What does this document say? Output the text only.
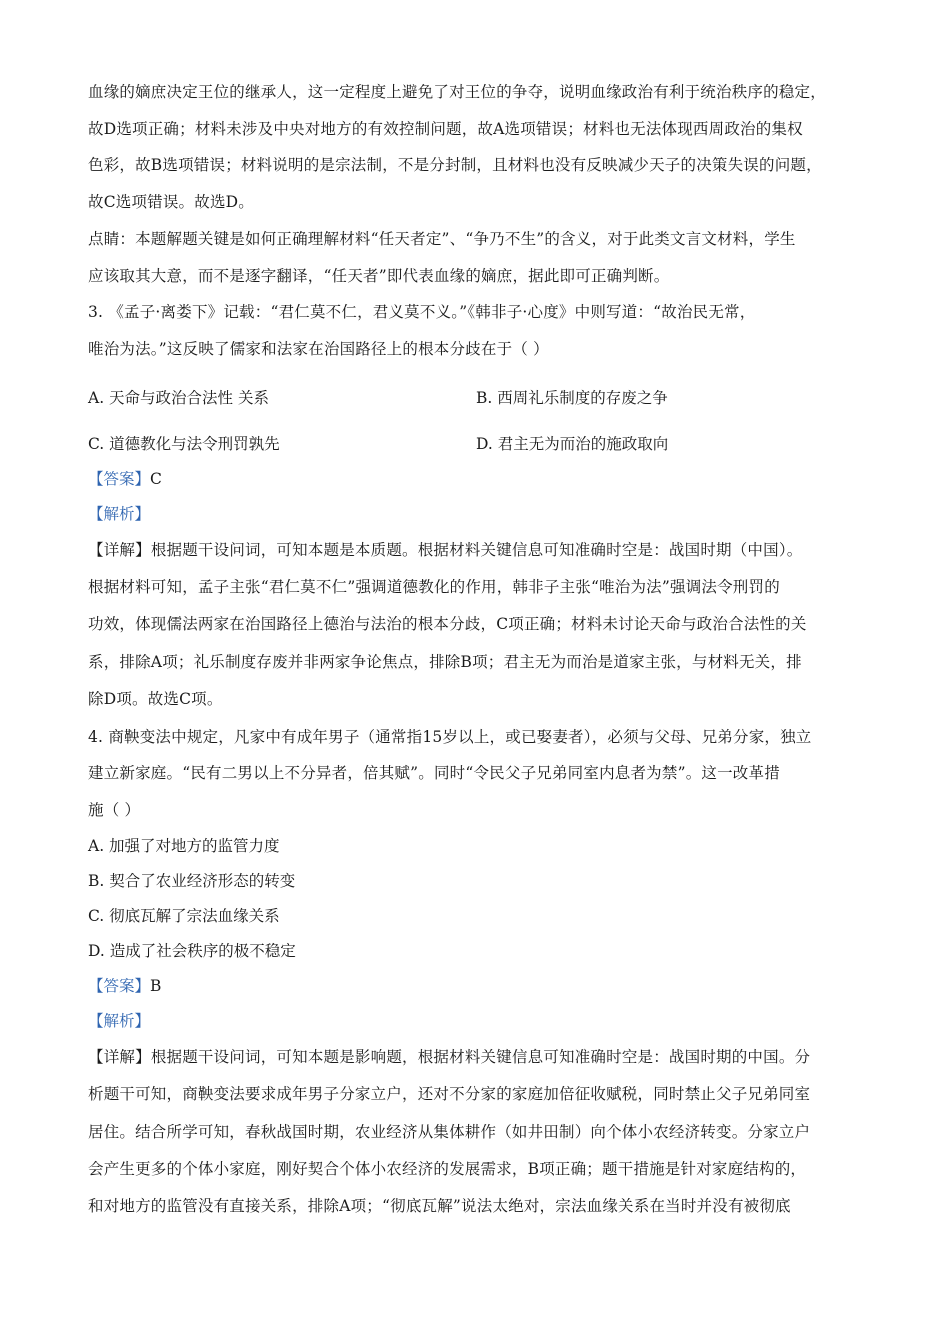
血缘的嫡庶决定王位的继承人，这一定程度上避免了对王位的争夺，说明血缘政治有利于统治秩序的稳定，
故D选项正确；材料未涉及中央对地方的有效控制问题，故A选项错误；材料也无法体现西周政治的集权
色彩，故B选项错误；材料说明的是宗法制，不是分封制，且材料也没有反映减少天子的决策失误的问题，
故C选项错误。故选D。
点睛：本题解题关键是如何正确理解材料“任天者定”、“争乃不生”的含义，对于此类文言文材料，学生
应该取其大意，而不是逐字翻译，“任天者”即代表血缘的嫡庶，据此即可正确判断。
3. 《孟子·离娄下》记载：“君仁莫不仁，君义莫不义。”《韩非子·心度》中则写道：“故治民无常，
唯治为法。”这反映了儒家和法家在治国路径上的根本分歧在于（ ）
A. 天命与政治合法性 关系	B. 西周礼乐制度的存废之争
C. 道德教化与法令刑罚孰先	D. 君主无为而治的施政取向
【答案】C
【解析】
【详解】根据题干设问词，可知本题是本质题。根据材料关键信息可知准确时空是：战国时期（中国）。
根据材料可知，孟子主张“君仁莫不仁”强调道德教化的作用，韩非子主张“唯治为法”强调法令刑罚的
功效，体现儒法两家在治国路径上德治与法治的根本分歧，C项正确；材料未讨论天命与政治合法性的关
系，排除A项；礼乐制度存废并非两家争论焦点，排除B项；君主无为而治是道家主张，与材料无关，排
除D项。故选C项。
4. 商鞅变法中规定，凡家中有成年男子（通常指15岁以上，或已娶妻者），必须与父母、兄弟分家，独立
建立新家庭。“民有二男以上不分异者，倍其赋”。同时“令民父子兄弟同室内息者为禁”。这一改革措
施（ ）
A. 加强了对地方的监管力度
B. 契合了农业经济形态的转变
C. 彻底瓦解了宗法血缘关系
D. 造成了社会秩序的极不稳定
【答案】B
【解析】
【详解】根据题干设问词，可知本题是影响题，根据材料关键信息可知准确时空是：战国时期的中国。分
析题干可知，商鞅变法要求成年男子分家立户，还对不分家的家庭加倍征收赋税，同时禁止父子兄弟同室
居住。结合所学可知，春秋战国时期，农业经济从集体耕作（如井田制）向个体小农经济转变。分家立户
会产生更多的个体小家庭，刚好契合个体小农经济的发展需求，B项正确；题干措施是针对家庭结构的，
和对地方的监管没有直接关系，排除A项；“彻底瓦解”说法太绝对，宗法血缘关系在当时并没有被彻底
